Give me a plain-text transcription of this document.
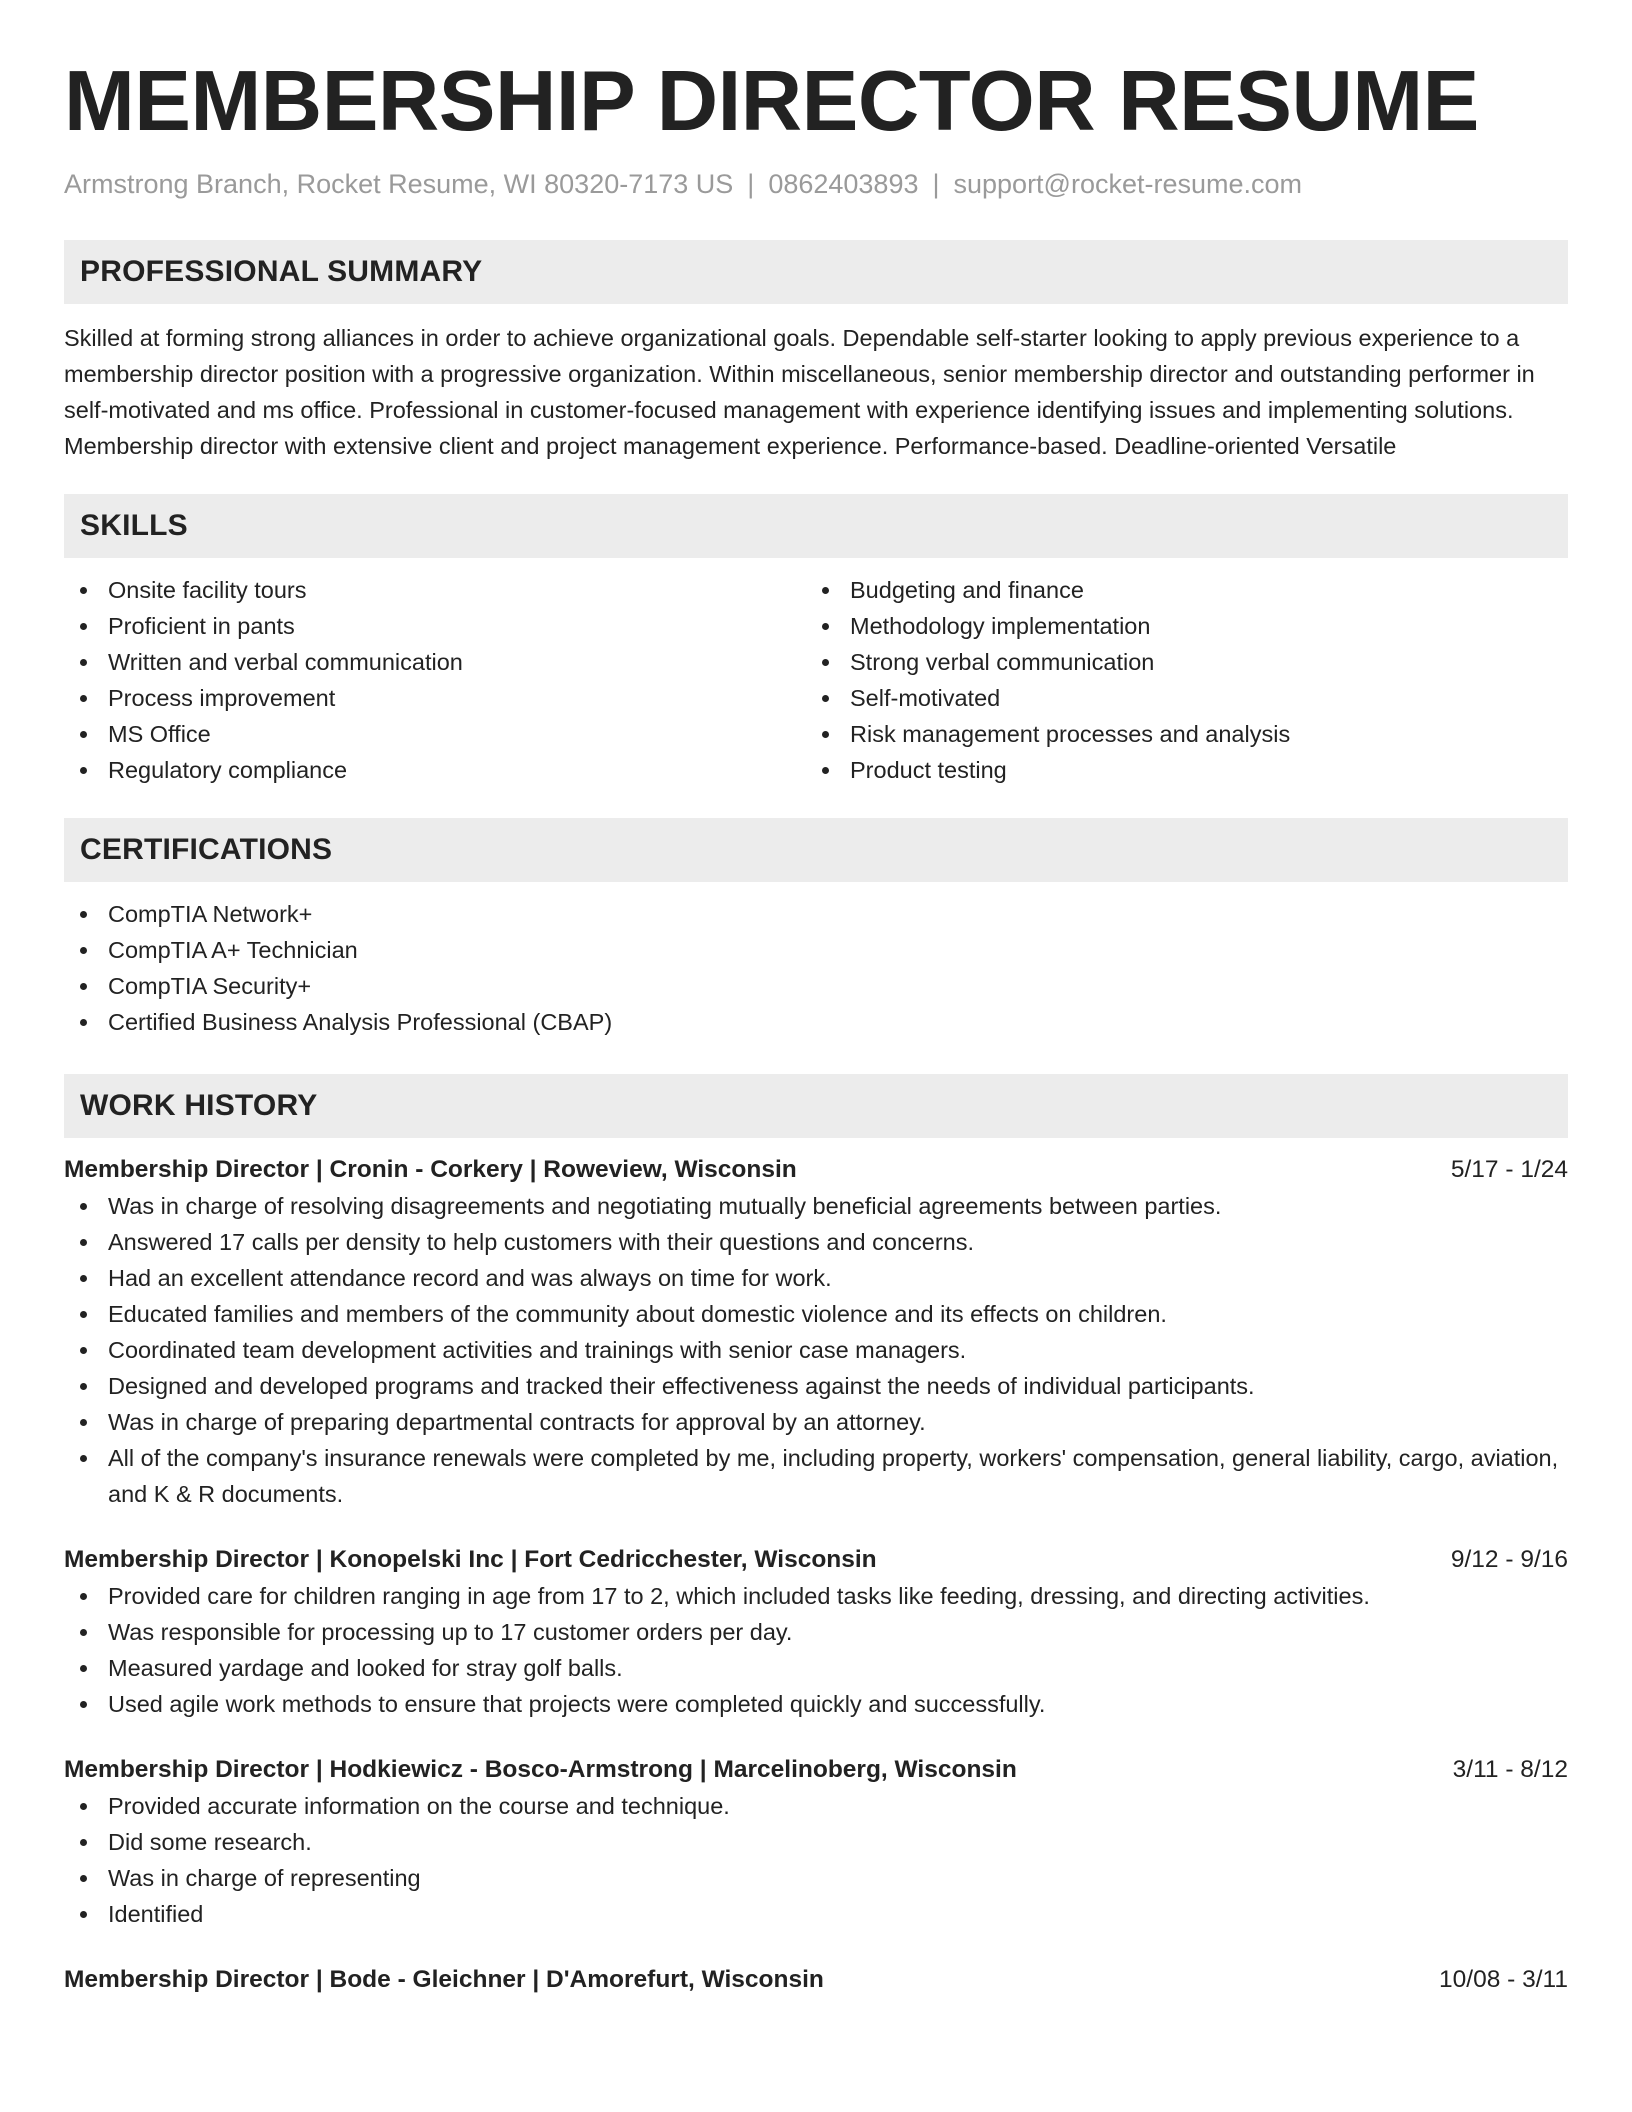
MEMBERSHIP DIRECTOR RESUME
Armstrong Branch, Rocket Resume, WI 80320-7173 US | 0862403893 | support@rocket-resume.com
PROFESSIONAL SUMMARY

Skilled at forming strong alliances in order to achieve organizational goals. Dependable self-starter looking to apply previous experience to a membership director position with a progressive organization. Within miscellaneous, senior membership director and outstanding performer in self-motivated and ms office. Professional in customer-focused management with experience identifying issues and implementing solutions. Membership director with extensive client and project management experience. Performance-based. Deadline-oriented Versatile

SKILLS
Onsite facility tours
Proficient in pants
Written and verbal communication
Process improvement
MS Office
Regulatory compliance
Budgeting and finance
Methodology implementation
Strong verbal communication
Self-motivated
Risk management processes and analysis
Product testing
CERTIFICATIONS
CompTIA Network+
CompTIA A+ Technician
CompTIA Security+
Certified Business Analysis Professional (CBAP)
WORK HISTORY
Membership Director | Cronin - Corkery | Roweview, Wisconsin	5/17 - 1/24
Was in charge of resolving disagreements and negotiating mutually beneficial agreements between parties.
Answered 17 calls per density to help customers with their questions and concerns.
Had an excellent attendance record and was always on time for work.
Educated families and members of the community about domestic violence and its effects on children.
Coordinated team development activities and trainings with senior case managers.
Designed and developed programs and tracked their effectiveness against the needs of individual participants.
Was in charge of preparing departmental contracts for approval by an attorney.
All of the company's insurance renewals were completed by me, including property, workers' compensation, general liability, cargo, aviation, and K & R documents.
Membership Director | Konopelski Inc | Fort Cedricchester, Wisconsin	9/12 - 9/16
Provided care for children ranging in age from 17 to 2, which included tasks like feeding, dressing, and directing activities.
Was responsible for processing up to 17 customer orders per day.
Measured yardage and looked for stray golf balls.
Used agile work methods to ensure that projects were completed quickly and successfully.
Membership Director | Hodkiewicz - Bosco-Armstrong | Marcelinoberg, Wisconsin	3/11 - 8/12
Provided accurate information on the course and technique.
Did some research.
Was in charge of representing
Identified
Membership Director | Bode - Gleichner | D'Amorefurt, Wisconsin	10/08 - 3/11
